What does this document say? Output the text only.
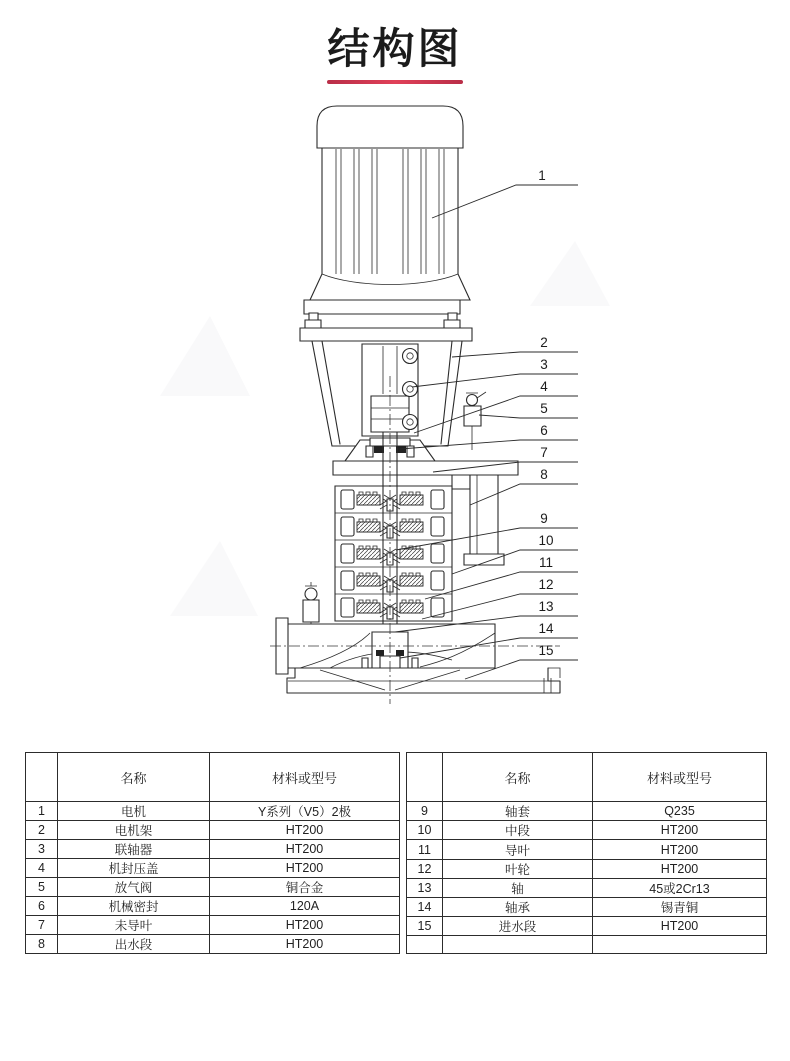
结构图
1
2
3
4
5
6
7
8
9
10
11
12
13
14
15
	名称	材料或型号
1	电机	Y系列（V5）2极
2	电机架	HT200
3	联轴器	HT200
4	机封压盖	HT200
5	放气阀	铜合金
6	机械密封	120A
7	未导叶	HT200
8	出水段	HT200
	名称	材料或型号
9	轴套	Q235
10	中段	HT200
11	导叶	HT200
12	叶轮	HT200
13	轴	45或2Cr13
14	轴承	锡青铜
15	进水段	HT200
